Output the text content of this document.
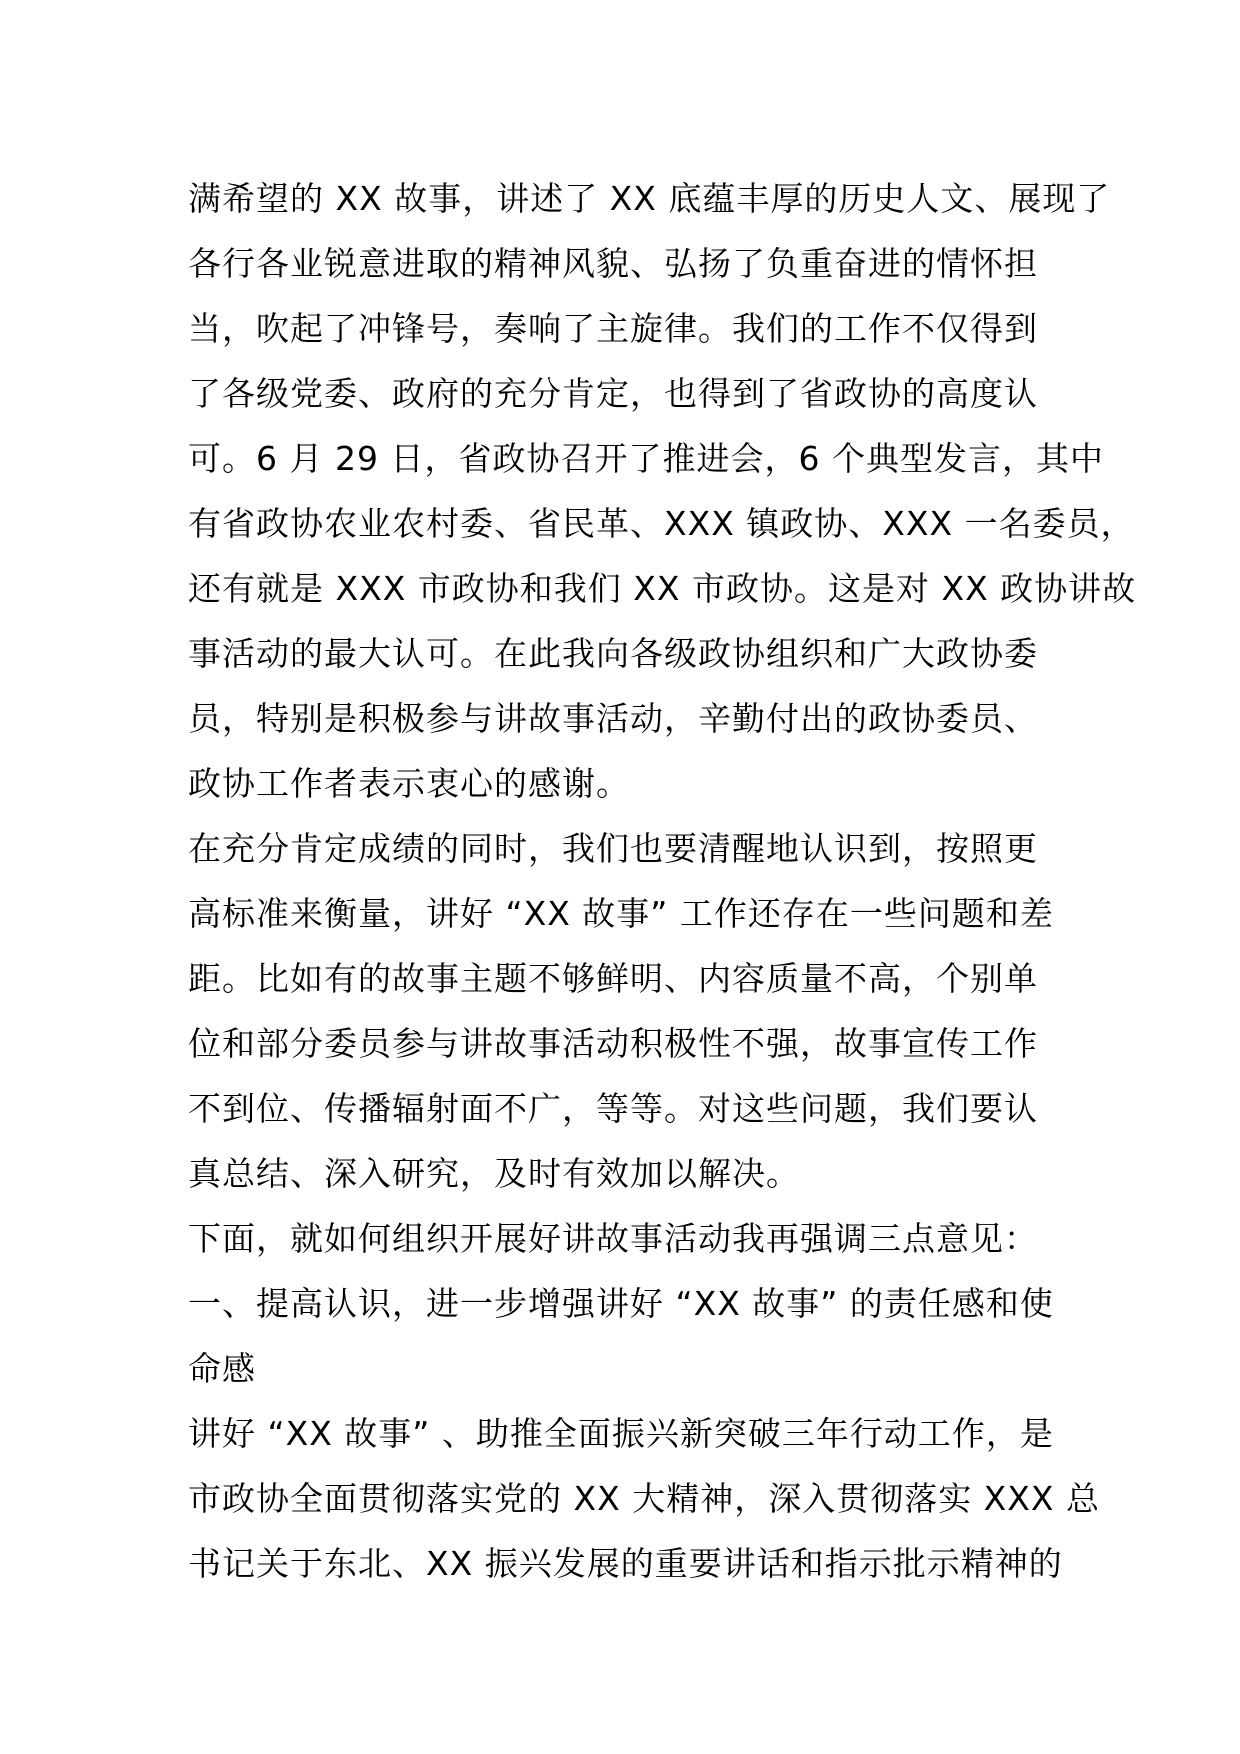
满希望的 XX 故事，讲述了 XX 底蕴丰厚的历史人文、展现了
各行各业锐意进取的精神风貌、弘扬了负重奋进的情怀担
当，吹起了冲锋号，奏响了主旋律。我们的工作不仅得到
了各级党委、政府的充分肯定，也得到了省政协的高度认
可。6 月 29 日，省政协召开了推进会，6 个典型发言，其中
有省政协农业农村委、省民革、XXX 镇政协、XXX 一名委员，
还有就是 XXX 市政协和我们 XX 市政协。这是对 XX 政协讲故
事活动的最大认可。在此我向各级政协组织和广大政协委
员，特别是积极参与讲故事活动，辛勤付出的政协委员、
政协工作者表示衷心的感谢。
在充分肯定成绩的同时，我们也要清醒地认识到，按照更
高标准来衡量，讲好 “XX 故事” 工作还存在一些问题和差
距。比如有的故事主题不够鲜明、内容质量不高，个别单
位和部分委员参与讲故事活动积极性不强，故事宣传工作
不到位、传播辐射面不广，等等。对这些问题，我们要认
真总结、深入研究，及时有效加以解决。
下面，就如何组织开展好讲故事活动我再强调三点意见：
一、提高认识，进一步增强讲好 “XX 故事” 的责任感和使
命感
讲好 “XX 故事” 、助推全面振兴新突破三年行动工作，是
市政协全面贯彻落实党的 XX 大精神，深入贯彻落实 XXX 总
书记关于东北、XX 振兴发展的重要讲话和指示批示精神的
